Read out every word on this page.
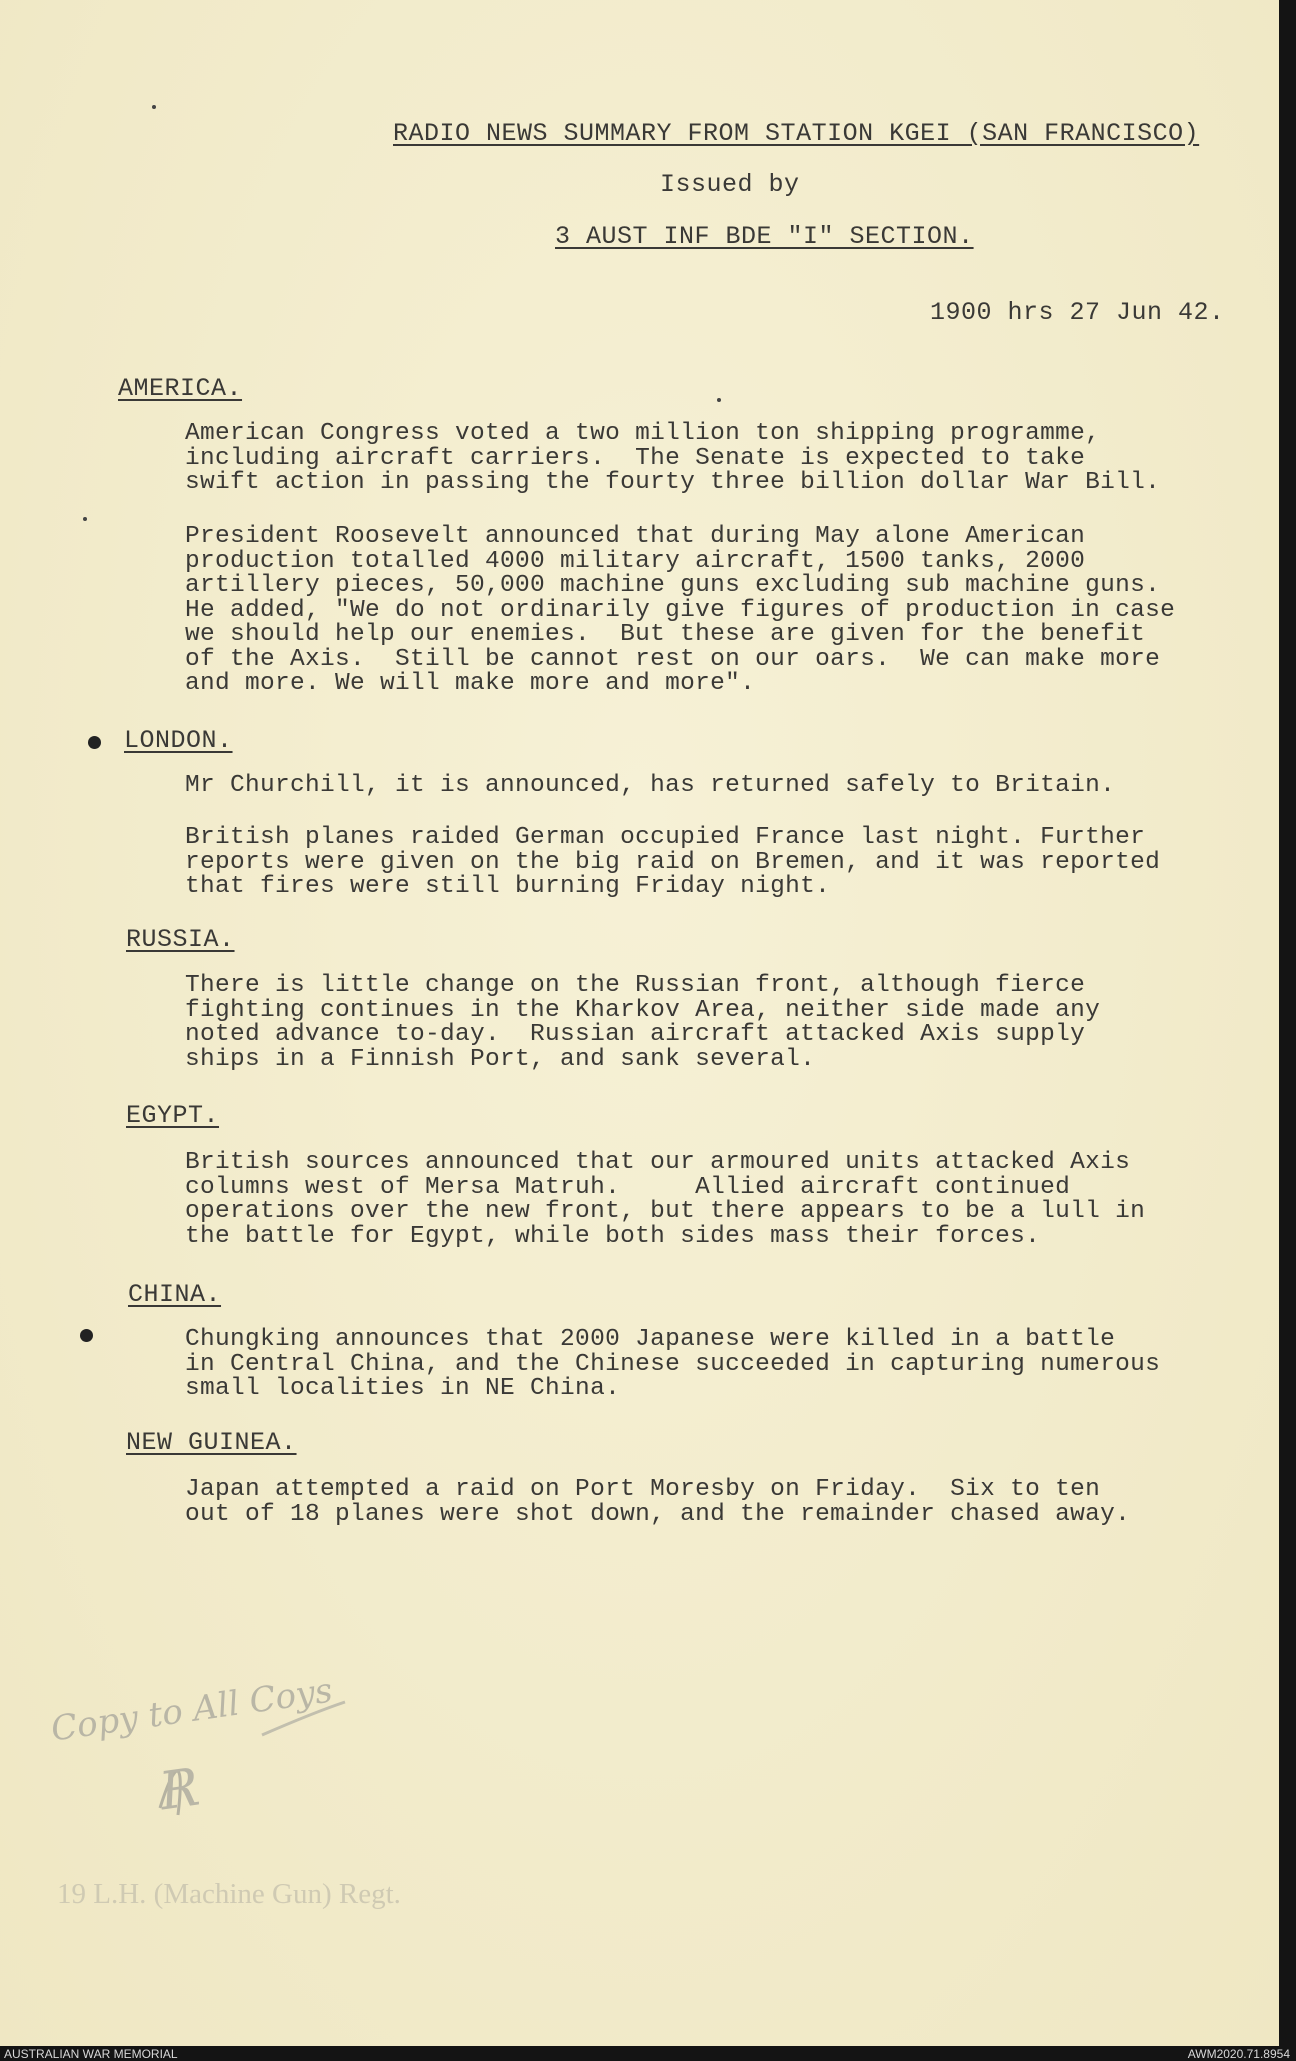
RADIO NEWS SUMMARY FROM STATION KGEI (SAN FRANCISCO)
Issued by
3 AUST INF BDE "I" SECTION.
1900 hrs 27 Jun 42.
AMERICA.
American Congress voted a two million ton shipping programme,
including aircraft carriers.  The Senate is expected to take
swift action in passing the fourty three billion dollar War Bill.
President Roosevelt announced that during May alone American
production totalled 4000 military aircraft, 1500 tanks, 2000
artillery pieces, 50,000 machine guns excluding sub machine guns.
He added, "We do not ordinarily give figures of production in case
we should help our enemies.  But these are given for the benefit
of the Axis.  Still be cannot rest on our oars.  We can make more
and more. We will make more and more".
LONDON.
Mr Churchill, it is announced, has returned safely to Britain.
British planes raided German occupied France last night. Further
reports were given on the big raid on Bremen, and it was reported
that fires were still burning Friday night.
RUSSIA.
There is little change on the Russian front, although fierce
fighting continues in the Kharkov Area, neither side made any
noted advance to-day.  Russian aircraft attacked Axis supply
ships in a Finnish Port, and sank several.
EGYPT.
British sources announced that our armoured units attacked Axis
columns west of Mersa Matruh.     Allied aircraft continued
operations over the new front, but there appears to be a lull in
the battle for Egypt, while both sides mass their forces.
CHINA.
Chungking announces that 2000 Japanese were killed in a battle
in Central China, and the Chinese succeeded in capturing numerous
small localities in NE China.
NEW GUINEA.
Japan attempted a raid on Port Moresby on Friday.  Six to ten
out of 18 planes were shot down, and the remainder chased away.
Copy to All Coys
R
19 L.H. (Machine Gun) Regt.
AUSTRALIAN WAR MEMORIAL	AWM2020.71.8954
